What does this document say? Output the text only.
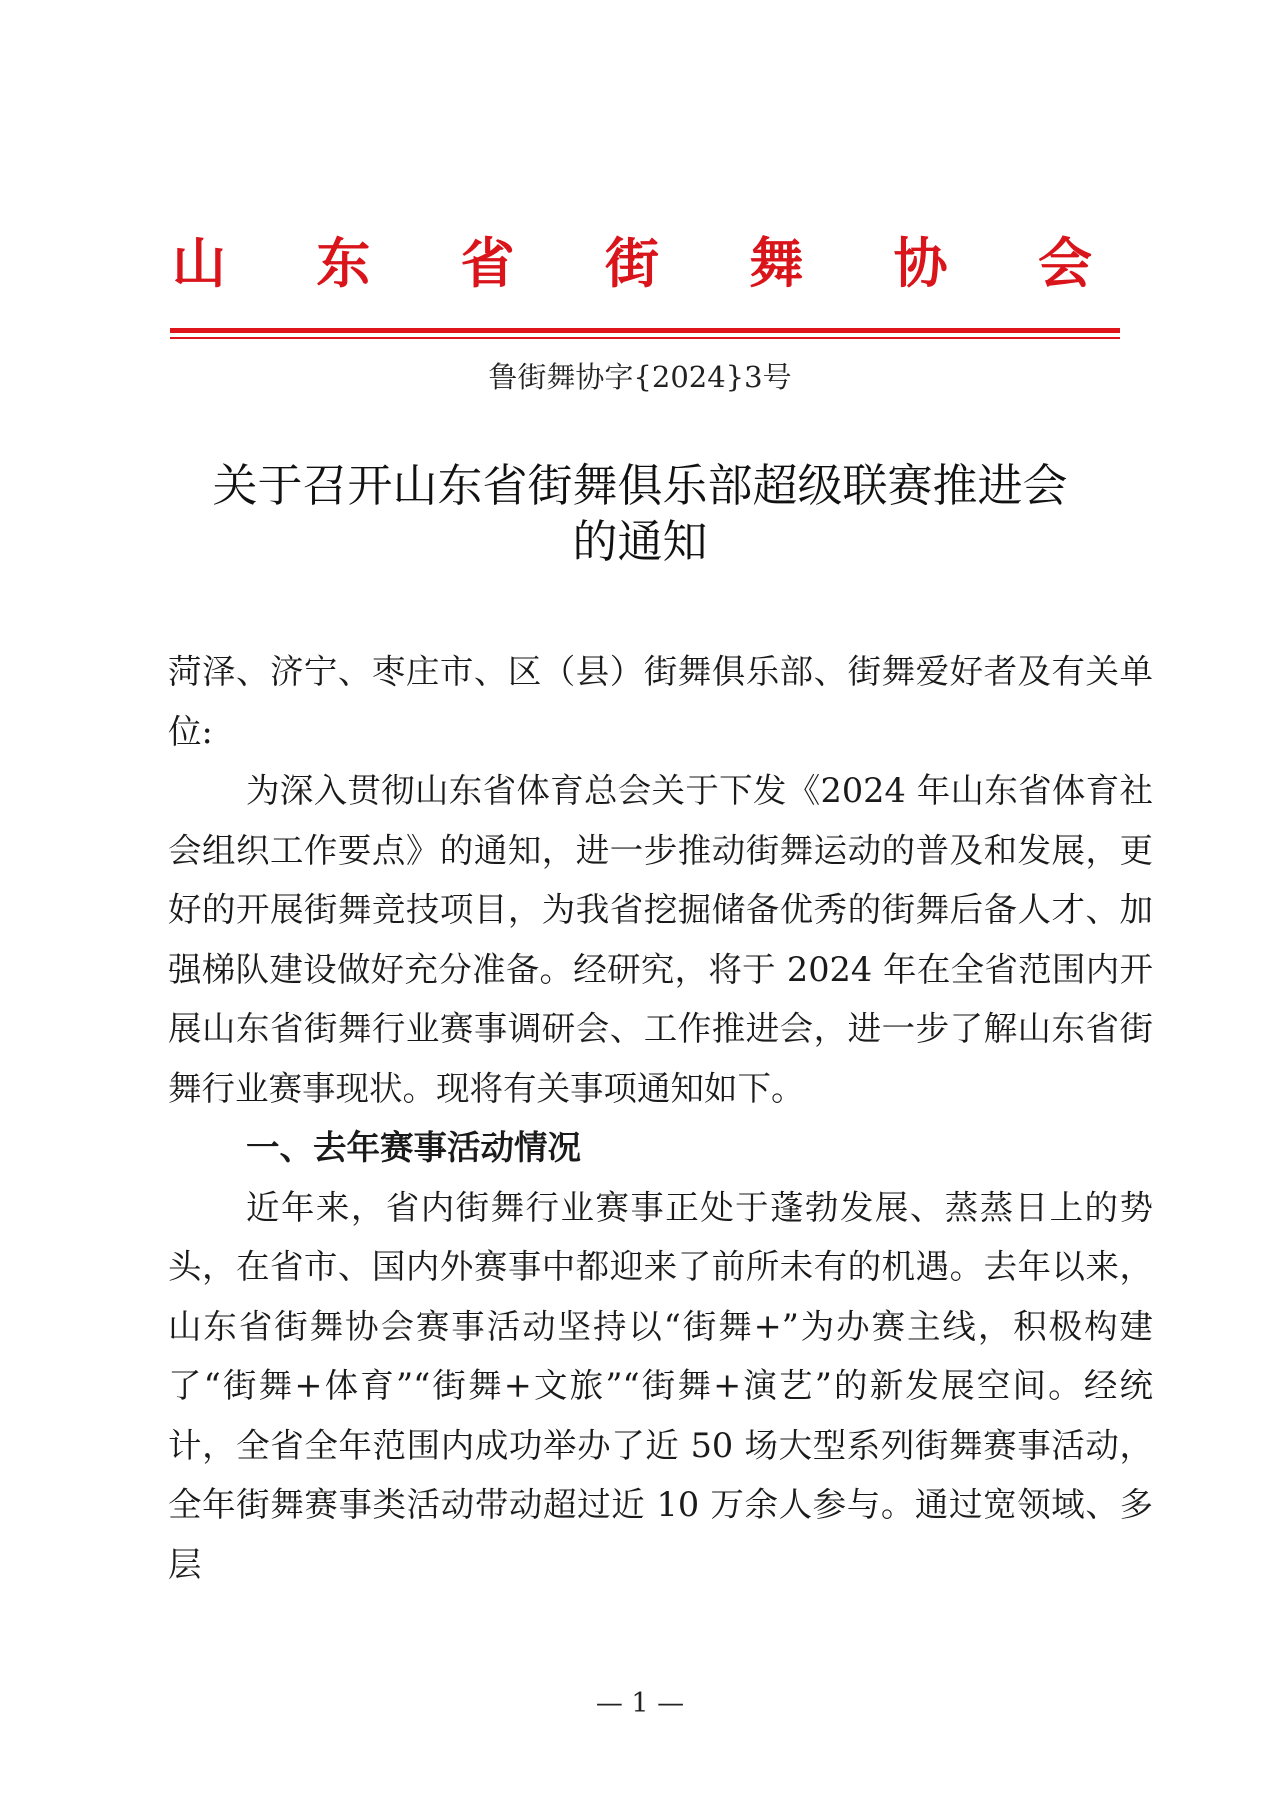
山 东 省 街 舞 协 会
鲁街舞协字{2024}3号
关于召开山东省街舞俱乐部超级联赛推进会
的通知

菏泽、济宁、枣庄市、区（县）街舞俱乐部、街舞爱好者及有关单位:

为深入贯彻山东省体育总会关于下发《2024 年山东省体育社会组织工作要点》的通知，进一步推动街舞运动的普及和发展，更好的开展街舞竞技项目，为我省挖掘储备优秀的街舞后备人才、加强梯队建设做好充分准备。经研究，将于 2024 年在全省范围内开展山东省街舞行业赛事调研会、工作推进会，进一步了解山东省街舞行业赛事现状。现将有关事项通知如下。

一、去年赛事活动情况

近年来，省内街舞行业赛事正处于蓬勃发展、蒸蒸日上的势头，在省市、国内外赛事中都迎来了前所未有的机遇。去年以来，山东省街舞协会赛事活动坚持以“街舞+”为办赛主线，积极构建了“街舞+体育”“街舞+文旅”“街舞+演艺”的新发展空间。经统计，全省全年范围内成功举办了近 50 场大型系列街舞赛事活动，全年街舞赛事类活动带动超过近 10 万余人参与。通过宽领域、多层

— 1 —
